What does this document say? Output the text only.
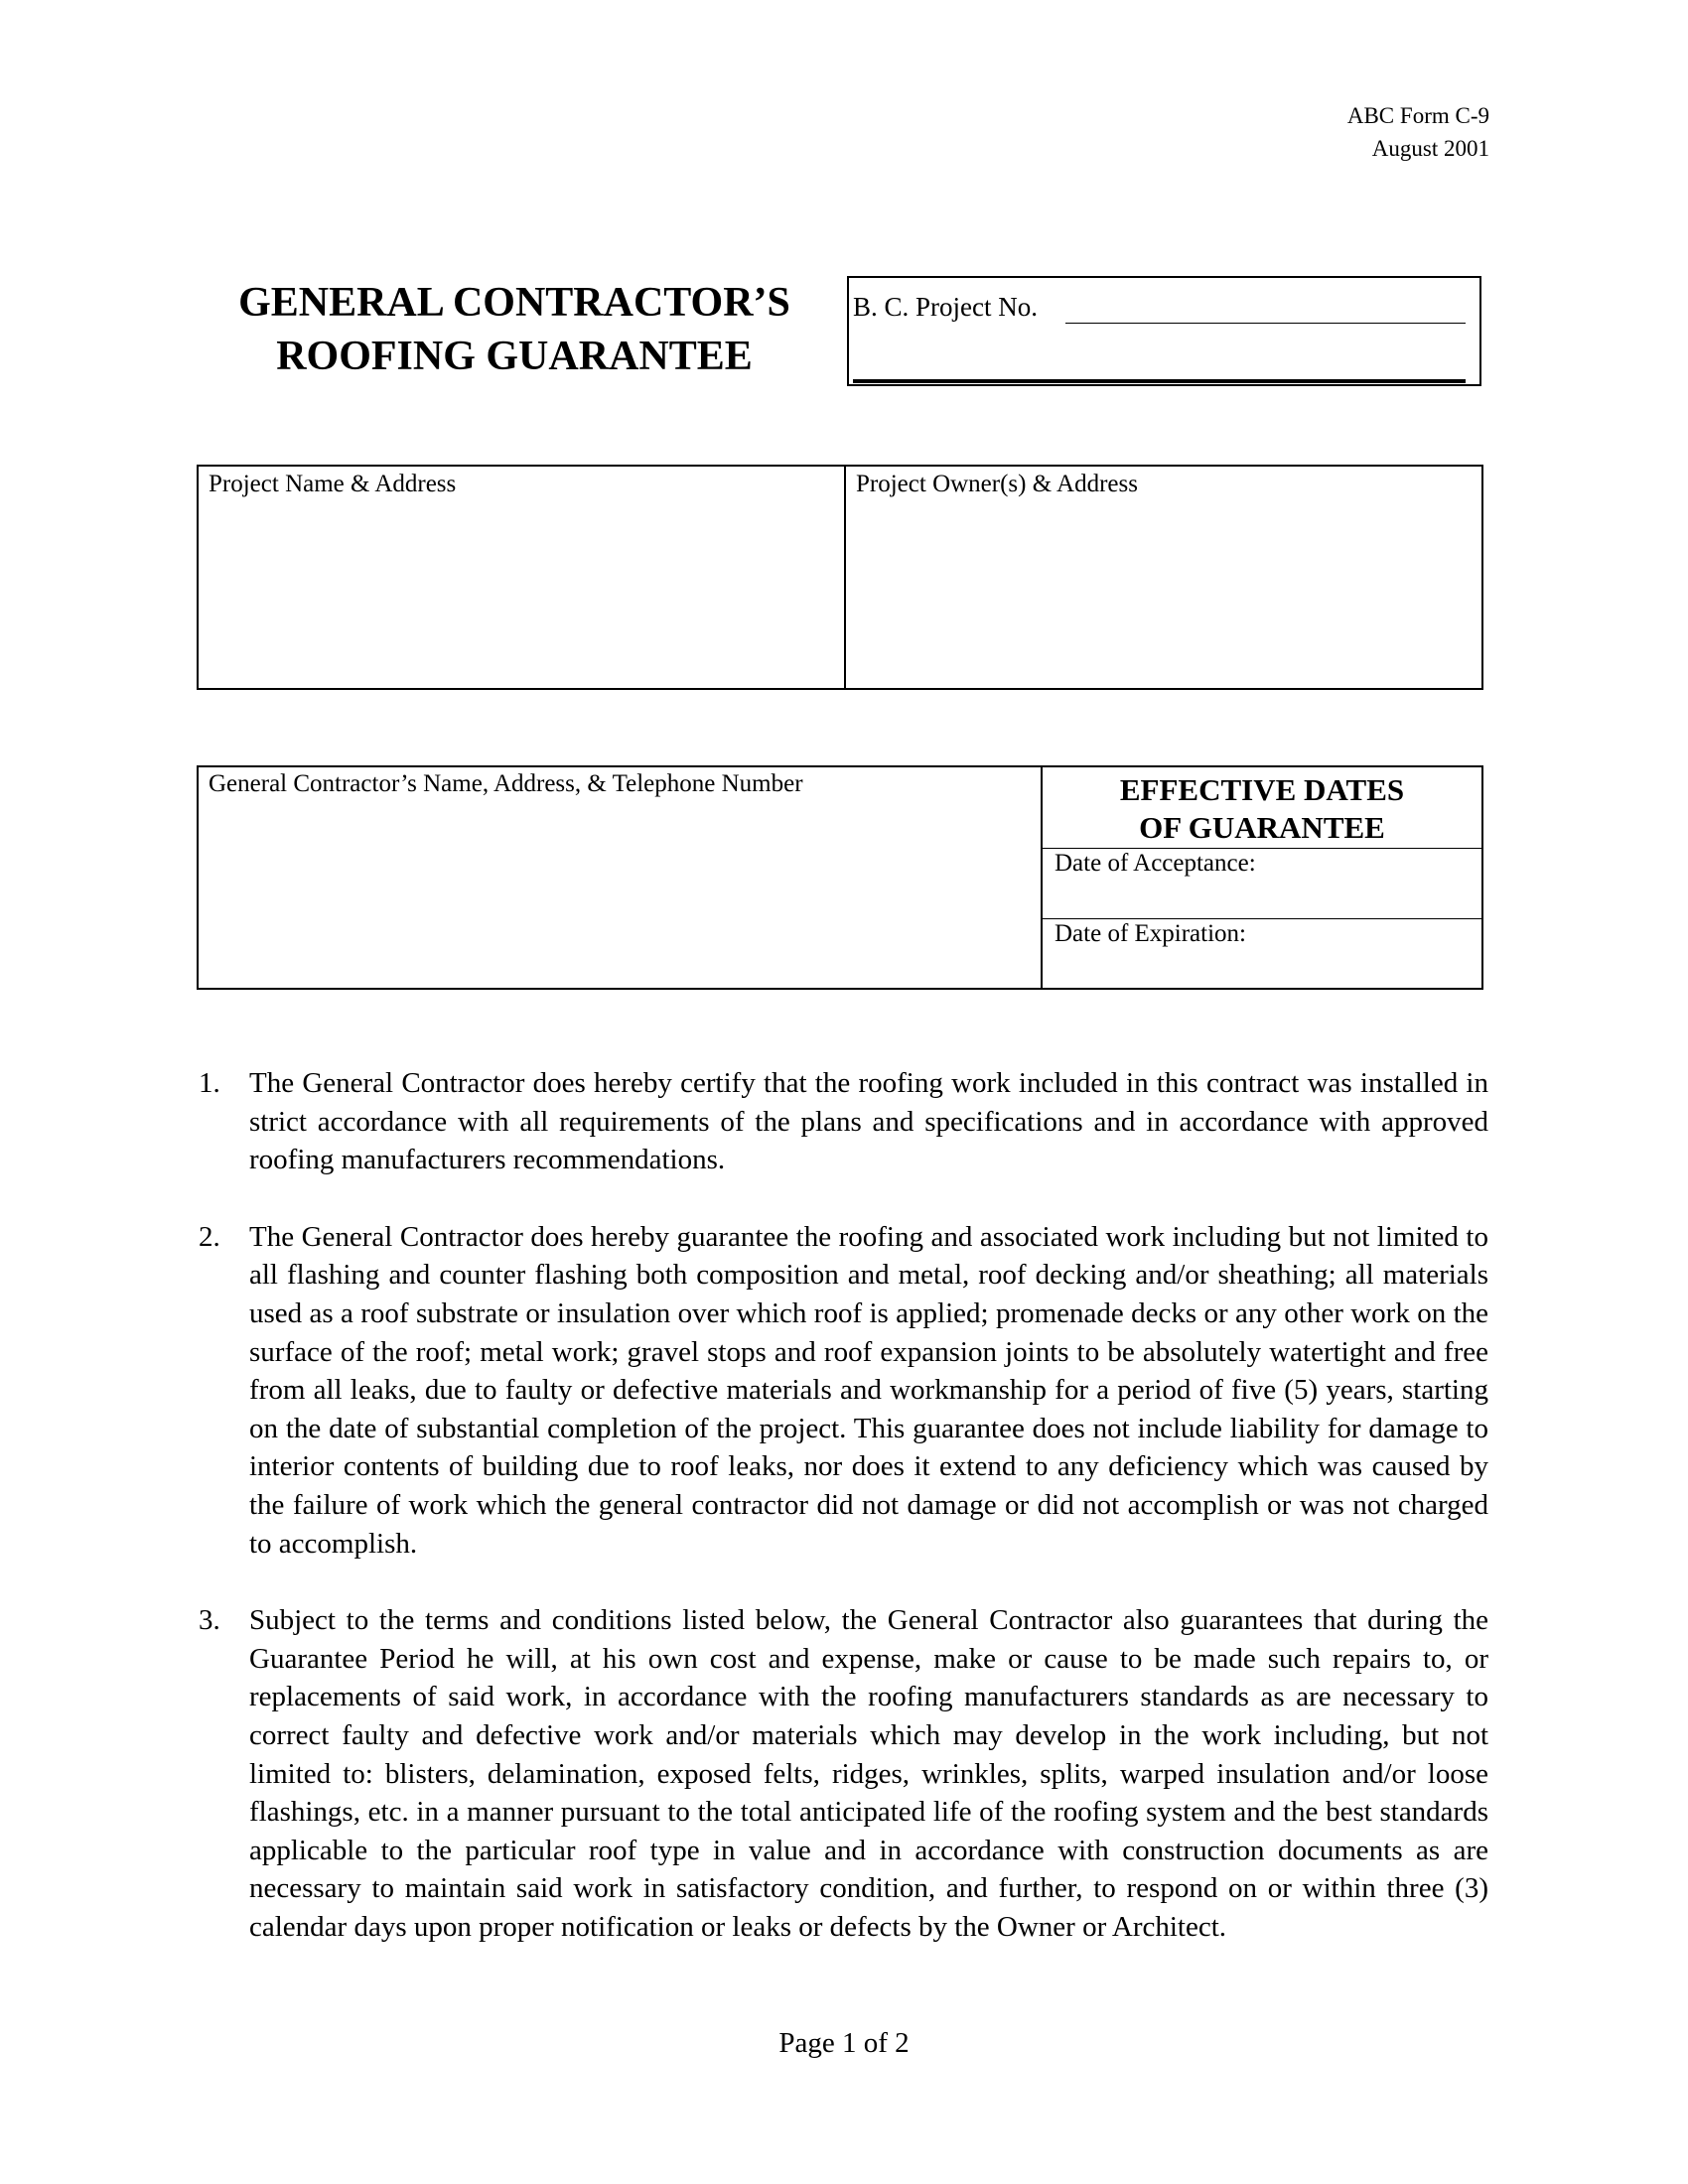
ABC Form C-9
August 2001
GENERAL CONTRACTOR’S
ROOFING GUARANTEE
B. C. Project No.
Project Name & Address	Project Owner(s) & Address
General Contractor’s Name, Address, & Telephone Number	EFFECTIVE DATES
OF GUARANTEE
Date of Acceptance:
Date of Expiration:
1. The General Contractor does hereby certify that the roofing work included in this contract was installed in strict accordance with all requirements of the plans and specifications and in accordance with approved roofing manufacturers recommendations.
2. The General Contractor does hereby guarantee the roofing and associated work including but not limited to all flashing and counter flashing both composition and metal, roof decking and/or sheathing; all materials used as a roof substrate or insulation over which roof is applied; promenade decks or any other work on the surface of the roof; metal work; gravel stops and roof expansion joints to be absolutely watertight and free from all leaks, due to faulty or defective materials and workmanship for a period of five (5) years, starting on the date of substantial completion of the project. This guarantee does not include liability for damage to interior contents of building due to roof leaks, nor does it extend to any deficiency which was caused by the failure of work which the general contractor did not damage or did not accomplish or was not charged to accomplish.
3. Subject to the terms and conditions listed below, the General Contractor also guarantees that during the Guarantee Period he will, at his own cost and expense, make or cause to be made such repairs to, or replacements of said work, in accordance with the roofing manufacturers standards as are necessary to correct faulty and defective work and/or materials which may develop in the work including, but not limited to: blisters, delamination, exposed felts, ridges, wrinkles, splits, warped insulation and/or loose flashings, etc. in a manner pursuant to the total anticipated life of the roofing system and the best standards applicable to the particular roof type in value and in accordance with construction documents as are necessary to maintain said work in satisfactory condition, and further, to respond on or within three (3) calendar days upon proper notification or leaks or defects by the Owner or Architect.
Page 1 of 2
